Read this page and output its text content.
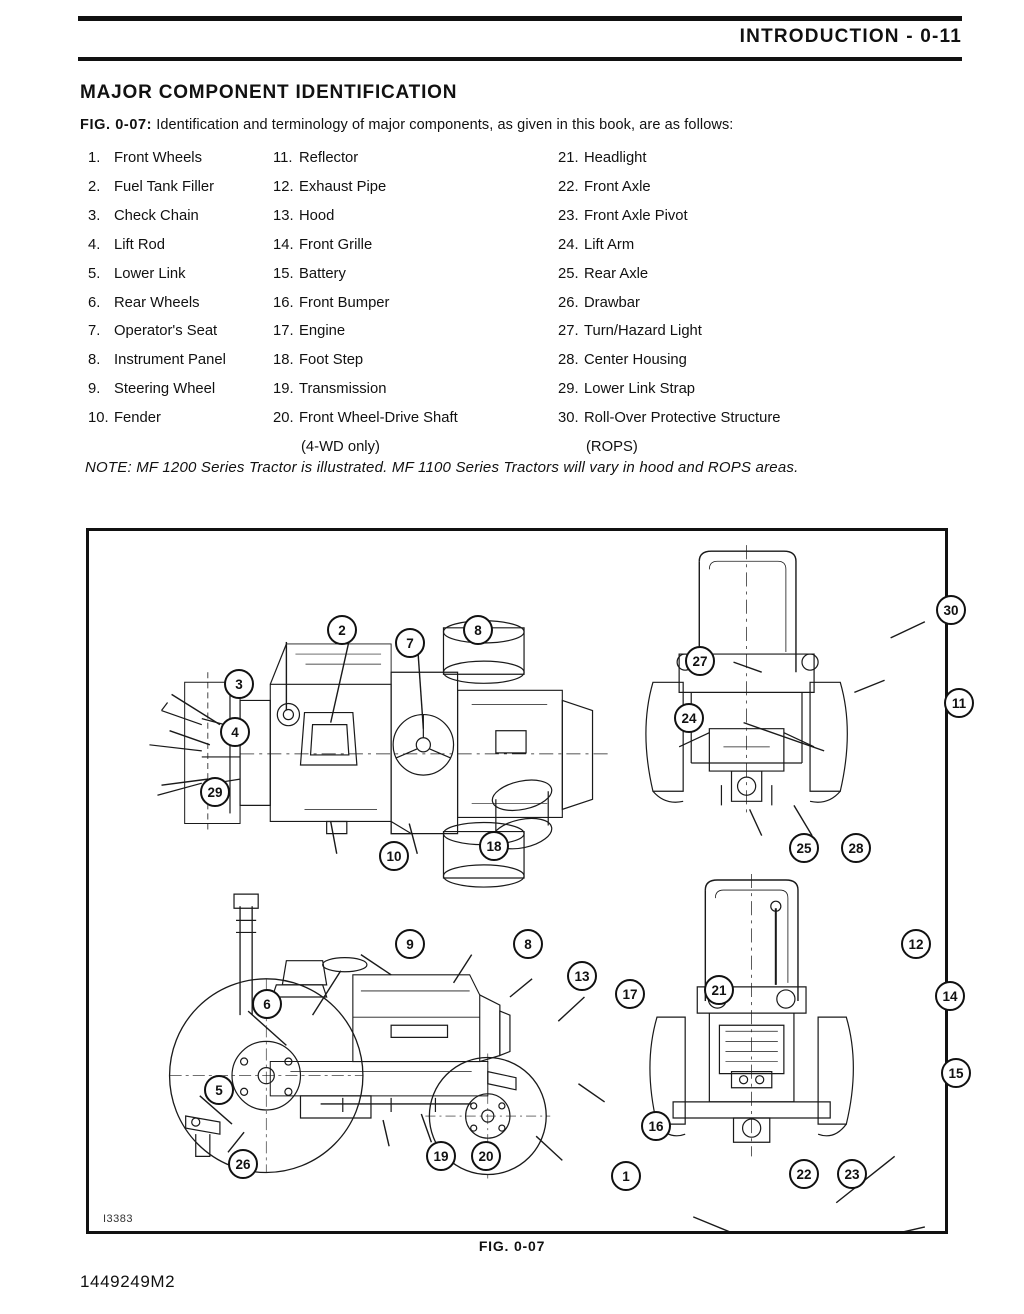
INTRODUCTION - 0-11
MAJOR COMPONENT IDENTIFICATION
FIG. 0-07: Identification and terminology of major components, as given in this book, are as follows:
1. Front Wheels
2. Fuel Tank Filler
3. Check Chain
4. Lift Rod
5. Lower Link
6. Rear Wheels
7. Operator's Seat
8. Instrument Panel
9. Steering Wheel
10. Fender
11. Reflector
12. Exhaust Pipe
13. Hood
14. Front Grille
15. Battery
16. Front Bumper
17. Engine
18. Foot Step
19. Transmission
20. Front Wheel-Drive Shaft
(4-WD only)
21. Headlight
22. Front Axle
23. Front Axle Pivot
24. Lift Arm
25. Rear Axle
26. Drawbar
27. Turn/Hazard Light
28. Center Housing
29. Lower Link Strap
30. Roll-Over Protective Structure
(ROPS)
NOTE: MF 1200 Series Tractor is illustrated. MF 1100 Series Tractors will vary in hood and ROPS areas.
2
7
8
3
4
29
10
18
30
27
11
24
25	28
9	8
13
17
6
5
26
19	20
16
1
12
21	14
15
22	23
I3383
FIG. 0-07
1449249M2
